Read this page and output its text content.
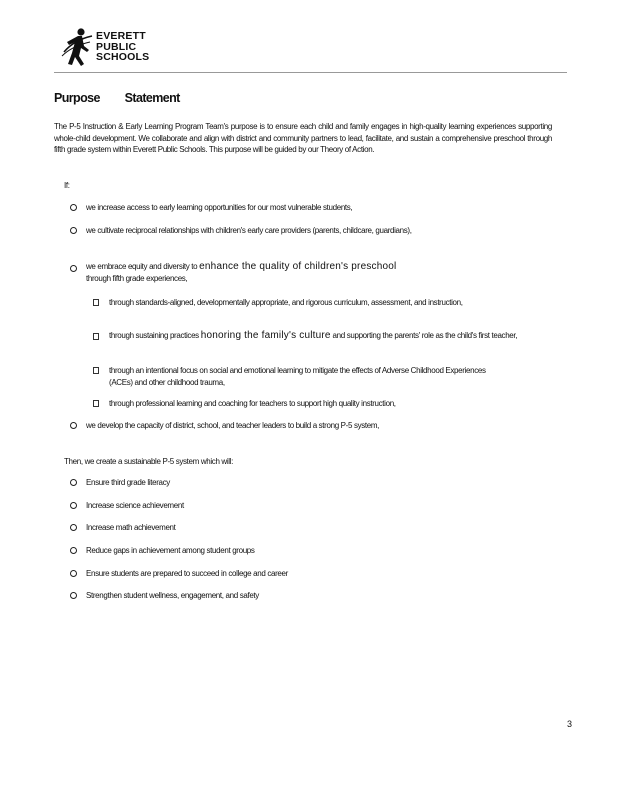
EVERETT
PUBLIC
SCHOOLS
Purpose Statement
The P-5 Instruction & Early Learning Program Team's purpose is to ensure each child and family engages in high-quality learning experiences supporting whole-child development. We collaborate and align with district and community partners to lead, facilitate, and sustain a comprehensive preschool through fifth grade system within Everett Public Schools. This purpose will be guided by our Theory of Action.
If:
we increase access to early learning opportunities for our most vulnerable students,
we cultivate reciprocal relationships with children's early care providers (parents, childcare, guardians),
we embrace equity and diversity to enhance the quality of children's preschool
through fifth grade experiences,
through standards-aligned, developmentally appropriate, and rigorous curriculum, assessment, and instruction,
through sustaining practices honoring the family's culture and supporting the parents' role as the child's first teacher,
through an intentional focus on social and emotional learning to mitigate the effects of Adverse Childhood Experiences (ACEs) and other childhood trauma,
through professional learning and coaching for teachers to support high quality instruction,
we develop the capacity of district, school, and teacher leaders to build a strong P-5 system,
Then, we create a sustainable P-5 system which will:
Ensure third grade literacy
Increase science achievement
Increase math achievement
Reduce gaps in achievement among student groups
Ensure students are prepared to succeed in college and career
Strengthen student wellness, engagement, and safety
3
